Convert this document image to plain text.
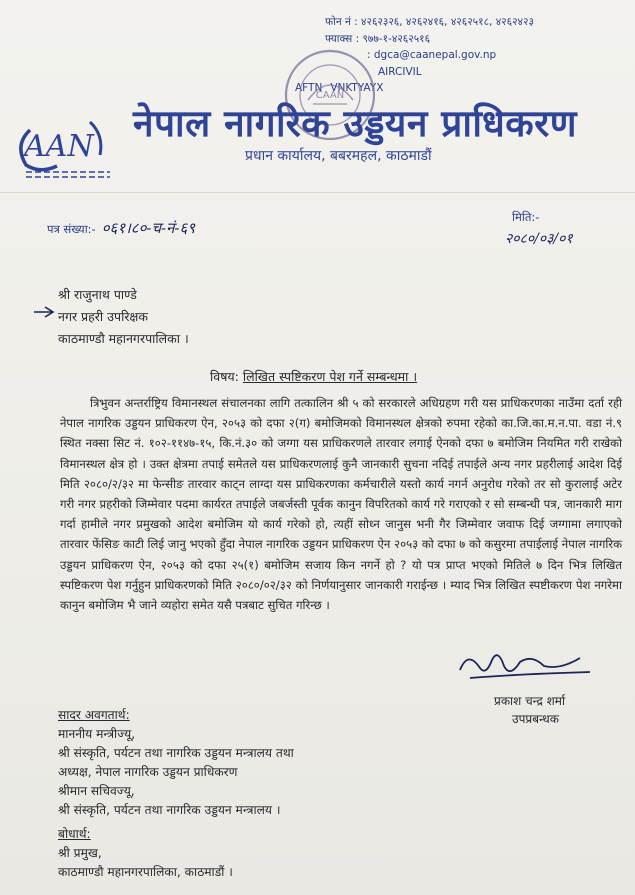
फोन नं : ४२६२३२६, ४२६२४१६, ४२६२५१८, ४२६२४२३
फ्याक्स : ९७७-१-४२६२५१६
: dgca@caanepal.gov.np
AIRCIVIL
AFTN VNKTYAYX
CAAN
AAN
नेपाल नागरिक उड्डयन प्राधिकरण
प्रधान कार्यालय, बबरमहल, काठमाडौं
पत्र संख्या:- ०६१।८०-च-नं-६९
मिति:-
२०८०/०३/०१
श्री राजुनाथ पाण्डे
नगर प्रहरी उपरिक्षक
काठमाण्डौ महानगरपालिका ।
विषय: लिखित स्पष्टिकरण पेश गर्ने सम्बन्धमा ।

त्रिभुवन अन्तर्राष्ट्रिय विमानस्थल संचालनका लागि तत्कालिन श्री ५ को सरकारले अधिग्रहण गरी यस प्राधिकरणका नाउँमा दर्ता रही नेपाल नागरिक उड्डयन प्राधिकरण ऐन, २०५३ को दफा २(ग) बमोजिमको विमानस्थल क्षेत्रको रुपमा रहेको का.जि.का.म.न.पा. वडा नं.९ स्थित नक्सा सिट नं. १०२-११४७-१५, कि.नं.३० को जग्गा यस प्राधिकरणले तारवार लगाई ऐनको दफा ७ बमोजिम नियमित गरी राखेको विमानस्थल क्षेत्र हो । उक्त क्षेत्रमा तपाई समेतले यस प्राधिकरणलाई कुनै जानकारी सुचना नदिई तपाईले अन्य नगर प्रहरीलाई आदेश दिई मिति २०८०/२/३२ मा फेन्सीङ तारवार काट्न लाग्दा यस प्राधिकरणका कर्मचारीले यस्तो कार्य नगर्न अनुरोध गरेको तर सो कुरालाई अटेर गरी नगर प्रहरीको जिम्मेवार पदमा कार्यरत तपाईले जबर्जस्ती पूर्वक कानुन विपरितको कार्य गरे गराएको र सो सम्बन्धी पत्र, जानकारी माग गर्दा हामीले नगर प्रमुखको आदेश बमोजिम यो कार्य गरेको हो, त्यहीं सोध्न जानुस भनी गैर जिम्मेवार जवाफ दिई जग्गामा लगाएको तारवार फेंसिङ काटी लिई जानु भएको हुँदा नेपाल नागरिक उड्डयन प्राधिकरण ऐन २०५३ को दफा ७ को कसुरमा तपाईलाई नेपाल नागरिक उड्डयन प्राधिकरण ऐन, २०५३ को दफा २५(१) बमोजिम सजाय किन नगर्ने हो ? यो पत्र प्राप्त भएको मितिले ७ दिन भित्र लिखित स्पष्टिकरण पेश गर्नुहुन प्राधिकरणको मिति २०८०/०२/३२ को निर्णयानुसार जानकारी गराईन्छ । म्याद भित्र लिखित स्पष्टीकरण पेश नगरेमा कानुन बमोजिम भै जाने व्यहोरा समेत यसै पत्रबाट सुचित गरिन्छ ।

प्रकाश चन्द्र शर्मा
उपप्रबन्धक
सादर अवगतार्थ:
माननीय मन्त्रीज्यू,
श्री संस्कृति, पर्यटन तथा नागरिक उड्डयन मन्त्रालय तथा
अध्यक्ष, नेपाल नागरिक उड्डयन प्राधिकरण
श्रीमान सचिवज्यू,
श्री संस्कृति, पर्यटन तथा नागरिक उड्डयन मन्त्रालय ।
बोधार्थ:
श्री प्रमुख,
काठमाण्डौ महानगरपालिका, काठमाडौं ।
